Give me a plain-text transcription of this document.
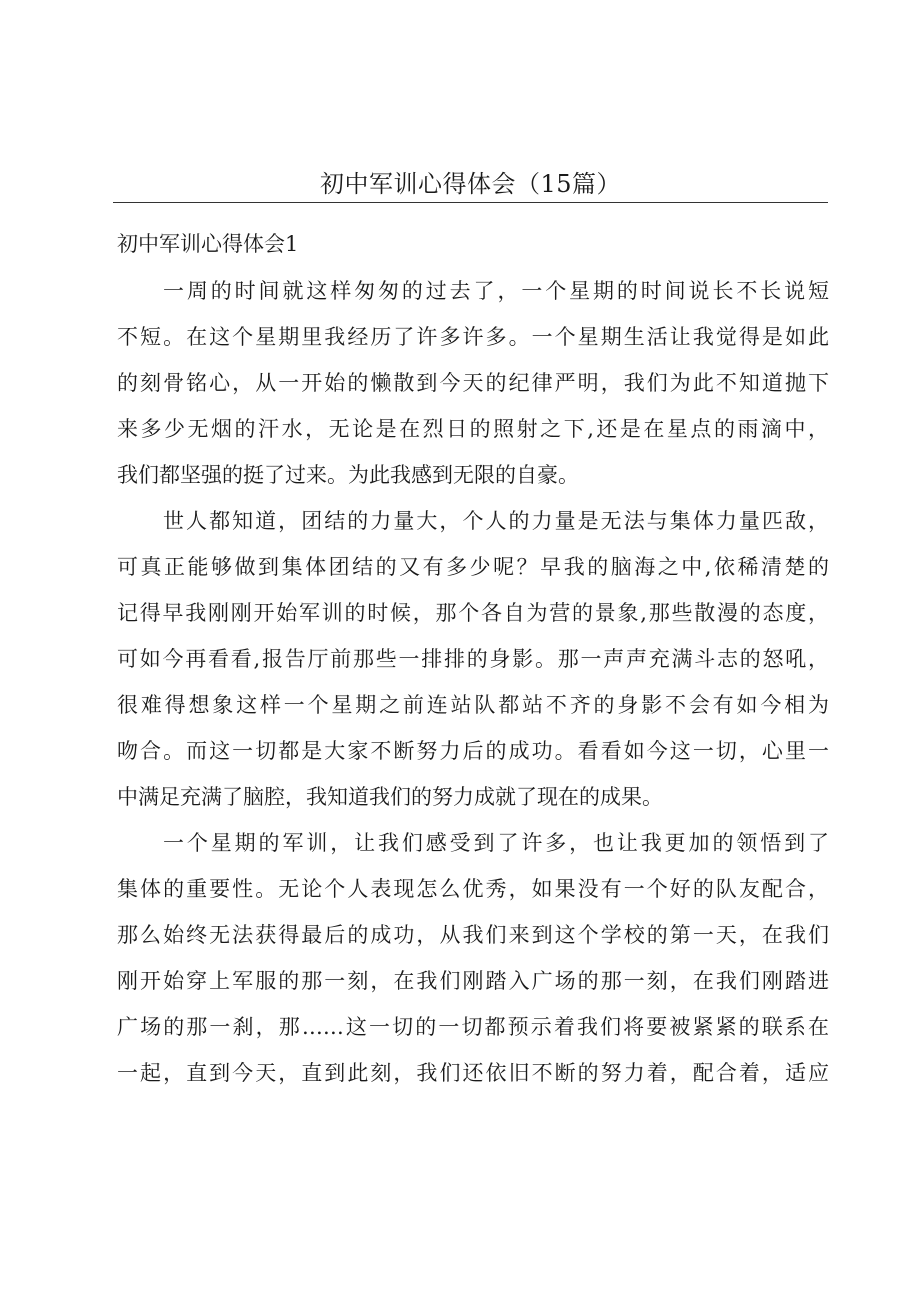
初中军训心得体会（15篇）
初中军训心得体会1
一周的时间就这样匆匆的过去了，一个星期的时间说长不长说短
不短。在这个星期里我经历了许多许多。一个星期生活让我觉得是如此
的刻骨铭心，从一开始的懒散到今天的纪律严明，我们为此不知道抛下
来多少无烟的汗水，无论是在烈日的照射之下,还是在星点的雨滴中，
我们都坚强的挺了过来。为此我感到无限的自豪。
世人都知道，团结的力量大，个人的力量是无法与集体力量匹敌，
可真正能够做到集体团结的又有多少呢？早我的脑海之中,依稀清楚的
记得早我刚刚开始军训的时候，那个各自为营的景象,那些散漫的态度，
可如今再看看,报告厅前那些一排排的身影。那一声声充满斗志的怒吼，
很难得想象这样一个星期之前连站队都站不齐的身影不会有如今相为
吻合。而这一切都是大家不断努力后的成功。看看如今这一切，心里一
中满足充满了脑腔，我知道我们的努力成就了现在的成果。
一个星期的军训，让我们感受到了许多，也让我更加的领悟到了
集体的重要性。无论个人表现怎么优秀，如果没有一个好的队友配合，
那么始终无法获得最后的成功，从我们来到这个学校的第一天，在我们
刚开始穿上军服的那一刻，在我们刚踏入广场的那一刻，在我们刚踏进
广场的那一刹，那……这一切的一切都预示着我们将要被紧紧的联系在
一起，直到今天，直到此刻，我们还依旧不断的努力着，配合着，适应
